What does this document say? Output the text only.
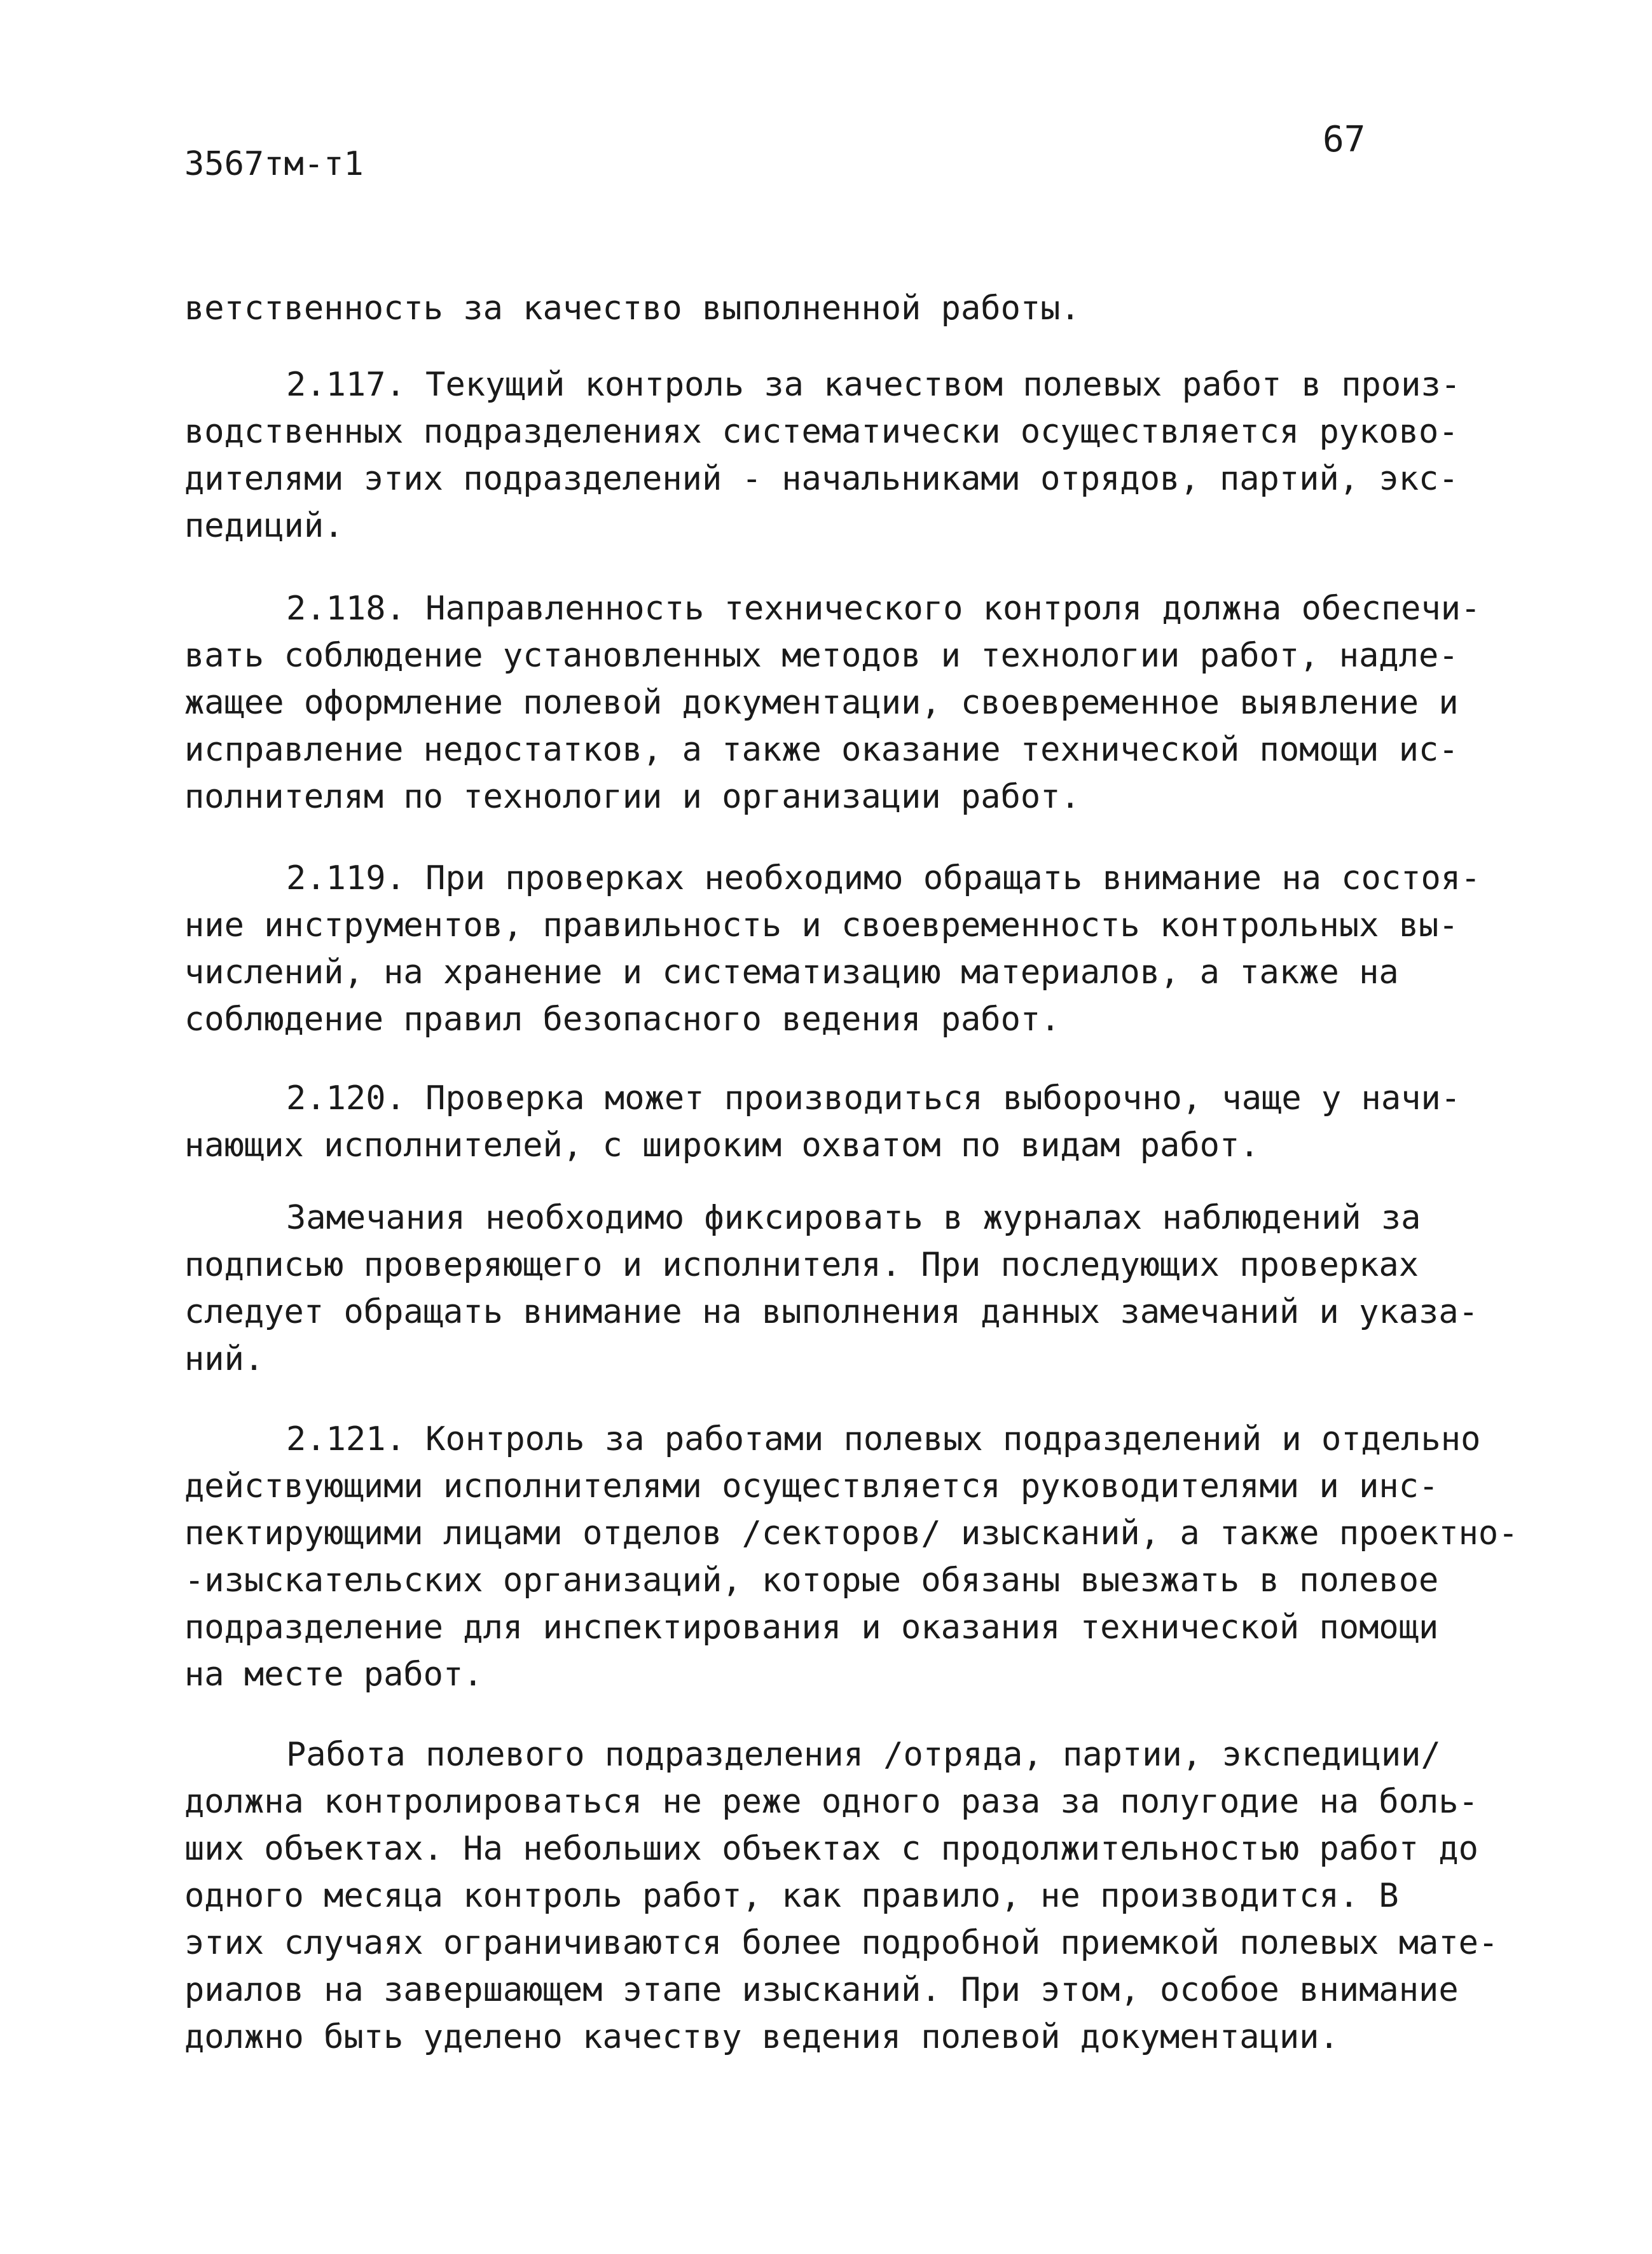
3567тм-т1
67
ветственность за качество выполненной работы.
2.117. Текущий контроль за качеством полевых работ в произ-
водственных подразделениях систематически осуществляется руково-
дителями этих подразделений - начальниками отрядов, партий, экс-
педиций.
2.118. Направленность технического контроля должна обеспечи-
вать соблюдение установленных методов и технологии работ, надле-
жащее оформление полевой документации, своевременное выявление и
исправление недостатков, а также оказание технической помощи ис-
полнителям по технологии и организации работ.
2.119. При проверках необходимо обращать внимание на состоя-
ние инструментов, правильность и своевременность контрольных вы-
числений, на хранение и систематизацию материалов, а также на
соблюдение правил безопасного ведения работ.
2.120. Проверка может производиться выборочно, чаще у начи-
нающих исполнителей, с широким охватом по видам работ.
Замечания необходимо фиксировать в журналах наблюдений за
подписью проверяющего и исполнителя. При последующих проверках
следует обращать внимание на выполнения данных замечаний и указа-
ний.
2.121. Контроль за работами полевых подразделений и отдельно
действующими исполнителями осуществляется руководителями и инс-
пектирующими лицами отделов /секторов/ изысканий, а также проектно-
-изыскательских организаций, которые обязаны выезжать в полевое
подразделение для инспектирования и оказания технической помощи
на месте работ.
Работа полевого подразделения /отряда, партии, экспедиции/
должна контролироваться не реже одного раза за полугодие на боль-
ших объектах. На небольших объектах с продолжительностью работ до
одного месяца контроль работ, как правило, не производится. В
этих случаях ограничиваются более подробной приемкой полевых мате-
риалов на завершающем этапе изысканий. При этом, особое внимание
должно быть уделено качеству ведения полевой документации.
